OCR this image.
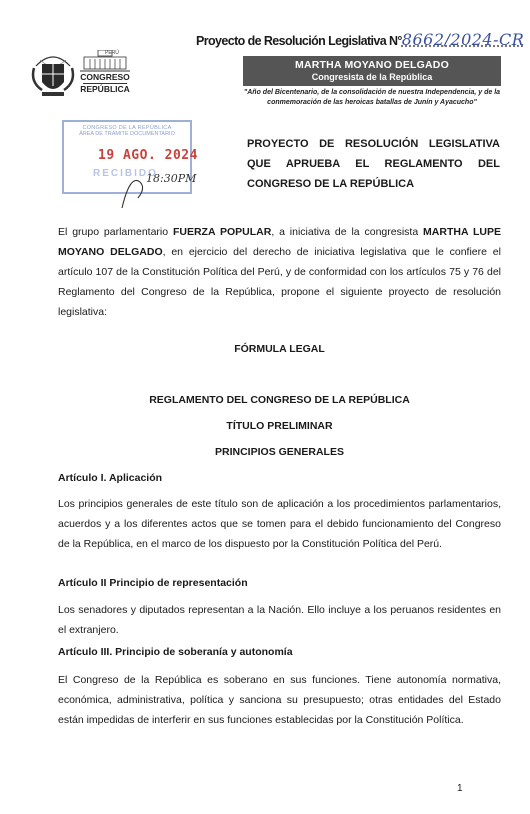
Proyecto de Resolución Legislativa N°8662/2024-CR
PERÚ
CONGRESO
REPÚBLICA
MARTHA MOYANO DELGADO
Congresista de la República
"Año del Bicentenario, de la consolidación de nuestra Independencia, y de la conmemoración de las heroicas batallas de Junín y Ayacucho"
CONGRESO DE LA REPÚBLICA
ÁREA DE TRÁMITE DOCUMENTARIO
19 AGO. 2024
RECIBIDO
18:30PM
PROYECTO DE RESOLUCIÓN LEGISLATIVA QUE APRUEBA EL REGLAMENTO DEL CONGRESO DE LA REPÚBLICA
El grupo parlamentario FUERZA POPULAR, a iniciativa de la congresista MARTHA LUPE MOYANO DELGADO, en ejercicio del derecho de iniciativa legislativa que le confiere el artículo 107 de la Constitución Política del Perú, y de conformidad con los artículos 75 y 76 del Reglamento del Congreso de la República, propone el siguiente proyecto de resolución legislativa:
FÓRMULA LEGAL
REGLAMENTO DEL CONGRESO DE LA REPÚBLICA
TÍTULO PRELIMINAR
PRINCIPIOS GENERALES
Artículo I. Aplicación
Los principios generales de este título son de aplicación a los procedimientos parlamentarios, acuerdos y a los diferentes actos que se tomen para el debido funcionamiento del Congreso de la República, en el marco de los dispuesto por la Constitución Política del Perú.
Artículo II Principio de representación
Los senadores y diputados representan a la Nación. Ello incluye a los peruanos residentes en el extranjero.
Artículo III. Principio de soberanía y autonomía
El Congreso de la República es soberano en sus funciones. Tiene autonomía normativa, económica, administrativa, política y sanciona su presupuesto; otras entidades del Estado están impedidas de interferir en sus funciones establecidas por la Constitución Política.
1
